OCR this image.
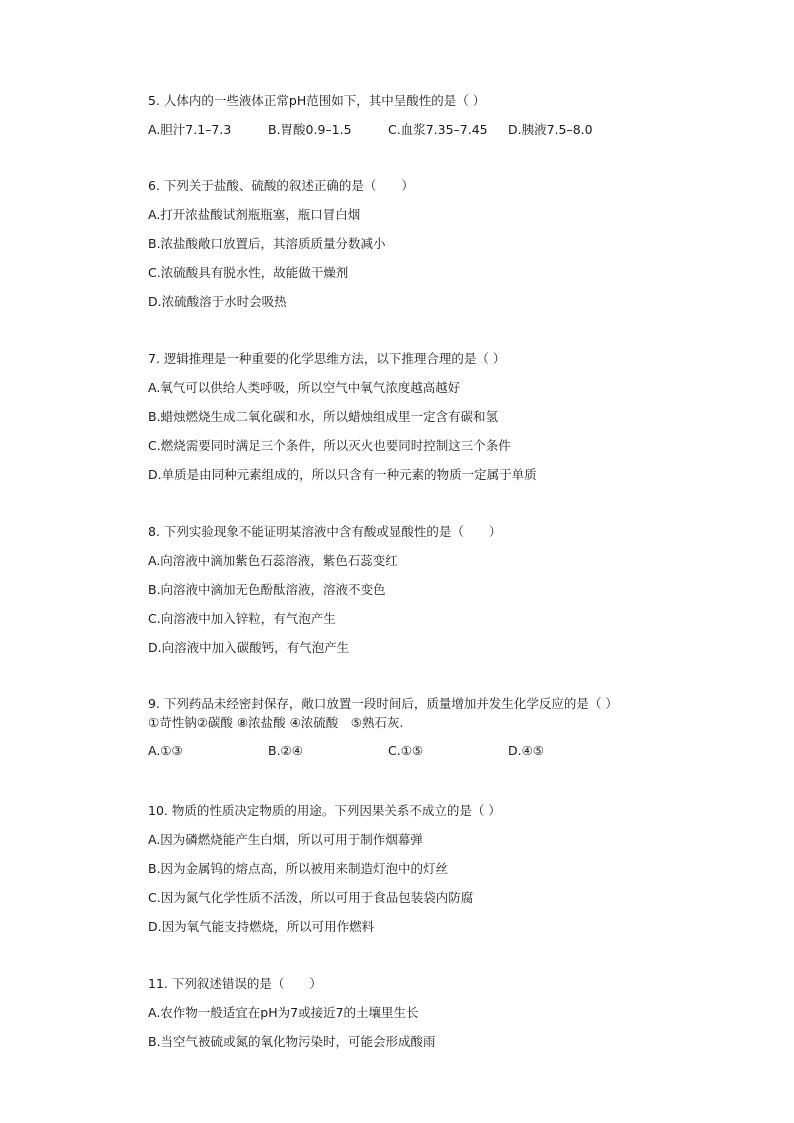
5. 人体内的一些液体正常pH范围如下，其中呈酸性的是（ ）
A.胆汁7.1–7.3	B.胃酸0.9–1.5	C.血浆7.35–7.45 D.胰液7.5–8.0
6. 下列关于盐酸、硫酸的叙述正确的是（　　）
A.打开浓盐酸试剂瓶瓶塞，瓶口冒白烟
B.浓盐酸敞口放置后，其溶质质量分数减小
C.浓硫酸具有脱水性，故能做干燥剂
D.浓硫酸溶于水时会吸热
7. 逻辑推理是一种重要的化学思维方法，以下推理合理的是（ ）
A.氧气可以供给人类呼吸，所以空气中氧气浓度越高越好
B.蜡烛燃烧生成二氧化碳和水，所以蜡烛组成里一定含有碳和氢
C.燃烧需要同时满足三个条件，所以灭火也要同时控制这三个条件
D.单质是由同种元素组成的，所以只含有一种元素的物质一定属于单质
8. 下列实验现象不能证明某溶液中含有酸或显酸性的是（　　）
A.向溶液中滴加紫色石蕊溶液，紫色石蕊变红
B.向溶液中滴加无色酚酞溶液，溶液不变色
C.向溶液中加入锌粒，有气泡产生
D.向溶液中加入碳酸钙，有气泡产生
9. 下列药品未经密封保存，敞口放置一段时间后，质量增加并发生化学反应的是（ ）
①苛性钠②碳酸 ⑧浓盐酸 ④浓硫酸　⑤熟石灰.
A.①③	B.②④	C.①⑤	D.④⑤
10. 物质的性质决定物质的用途。下列因果关系不成立的是（ ）
A.因为磷燃烧能产生白烟，所以可用于制作烟幕弹
B.因为金属钨的熔点高，所以被用来制造灯泡中的灯丝
C.因为氮气化学性质不活泼，所以可用于食品包装袋内防腐
D.因为氧气能支持燃烧，所以可用作燃料
11. 下列叙述错误的是（　　）
A.农作物一般适宜在pH为7或接近7的土壤里生长
B.当空气被硫或氮的氧化物污染时，可能会形成酸雨
